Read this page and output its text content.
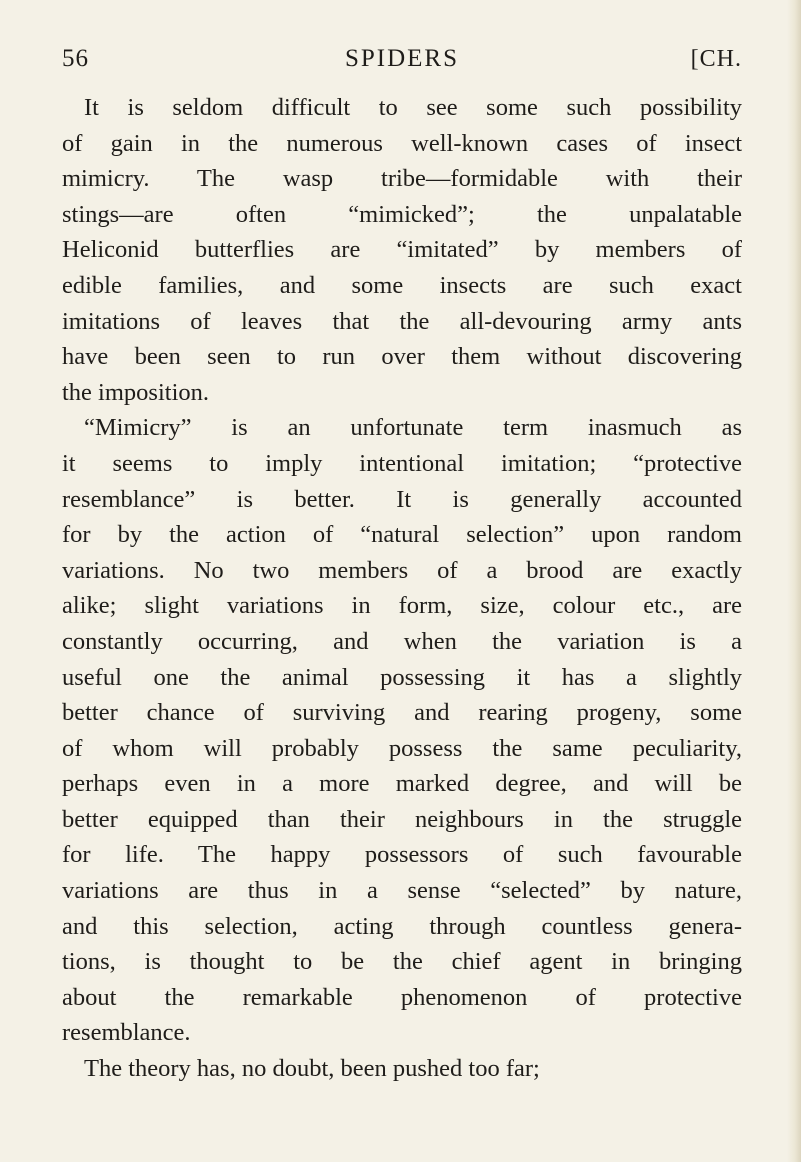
56	SPIDERS	[CH.

It is seldom difficult to see some such possibility
of gain in the numerous well-known cases of insect
mimicry. The wasp tribe—formidable with their
stings—are often “mimicked”; the unpalatable
Heliconid butterflies are “imitated” by members of
edible families, and some insects are such exact
imitations of leaves that the all-devouring army ants
have been seen to run over them without discovering
the imposition.

“Mimicry” is an unfortunate term inasmuch as
it seems to imply intentional imitation; “protective
resemblance” is better. It is generally accounted
for by the action of “natural selection” upon random
variations. No two members of a brood are exactly
alike; slight variations in form, size, colour etc., are
constantly occurring, and when the variation is a
useful one the animal possessing it has a slightly
better chance of surviving and rearing progeny, some
of whom will probably possess the same peculiarity,
perhaps even in a more marked degree, and will be
better equipped than their neighbours in the struggle
for life. The happy possessors of such favourable
variations are thus in a sense “selected” by nature,
and this selection, acting through countless genera-
tions, is thought to be the chief agent in bringing
about the remarkable phenomenon of protective
resemblance.

The theory has, no doubt, been pushed too far;
